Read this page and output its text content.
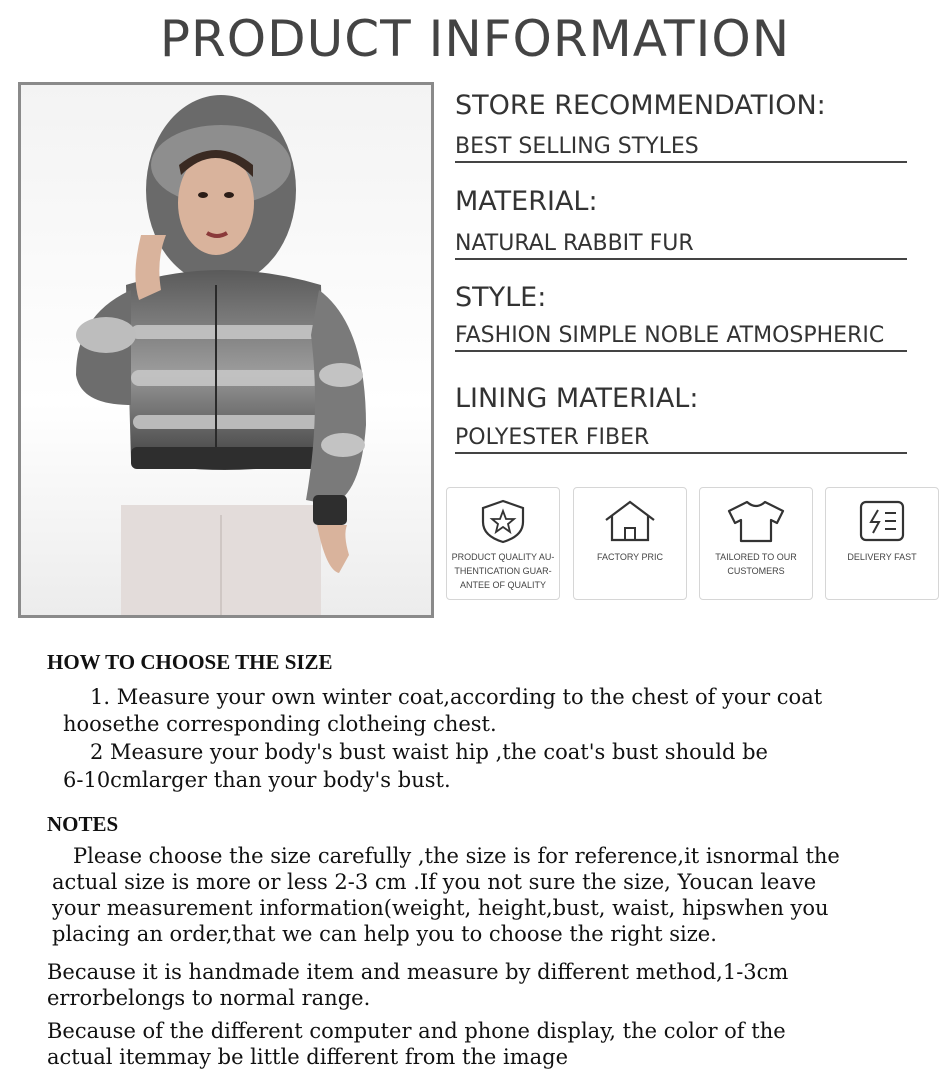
PRODUCT INFORMATION
STORE RECOMMENDATION:
BEST SELLING STYLES
MATERIAL:
NATURAL RABBIT FUR
STYLE:
FASHION SIMPLE NOBLE ATMOSPHERIC
LINING MATERIAL:
POLYESTER FIBER
PRODUCT QUALITY AU-THENTICATION GUAR-ANTEE OF QUALITY
FACTORY PRIC	TAILORED TO OUR CUSTOMERS
DELIVERY FAST
HOW TO CHOOSE THE SIZE
1. Measure your own winter coat,according to the chest of your coat
hoosethe corresponding clotheing chest.
2 Measure your body's bust waist hip ,the coat's bust should be
6-10cmlarger than your body's bust.
NOTES
Please choose the size carefully ,the size is for reference,it isnormal the
actual size is more or less 2-3 cm .If you not sure the size, Youcan leave
your measurement information(weight, height,bust, waist, hipswhen you
placing an order,that we can help you to choose the right size.
Because it is handmade item and measure by different method,1-3cm
errorbelongs to normal range.
Because of the different computer and phone display, the color of the
actual itemmay be little different from the image
